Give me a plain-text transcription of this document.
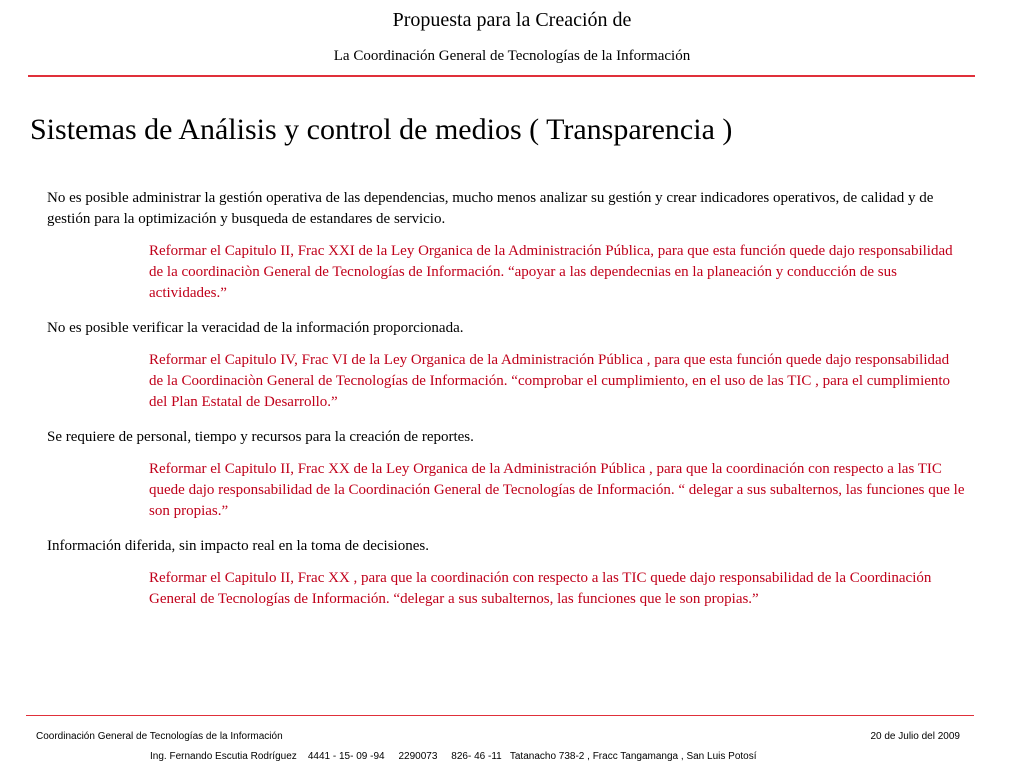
Propuesta para la Creación de
La Coordinación General de Tecnologías de la Información
Sistemas de Análisis y control de medios ( Transparencia )

No es posible administrar la gestión operativa de las dependencias, mucho menos analizar su gestión y crear indicadores operativos, de calidad y de gestión para la optimización y busqueda de estandares de servicio.

Reformar el Capitulo II, Frac XXI de la Ley Organica de la Administración Pública, para que esta función quede dajo responsabilidad de la coordinaciòn General de Tecnologías de Información. “apoyar a las dependecnias en la planeación y conducción de sus actividades.”

No es posible verificar la veracidad de la información proporcionada.

Reformar el Capitulo IV, Frac VI de la Ley Organica de la Administración Pública , para que esta función quede dajo responsabilidad de la Coordinaciòn General de Tecnologías de Información. “comprobar el cumplimiento, en el uso de las TIC , para el cumplimiento del Plan Estatal de Desarrollo.”

Se requiere de personal, tiempo y recursos para la creación de reportes.

Reformar el Capitulo II, Frac XX de la Ley Organica de la Administración Pública , para que la coordinación con respecto a las TIC quede dajo responsabilidad de la Coordinación General de Tecnologías de Información. “ delegar a sus subalternos, las funciones que le son propias.”

Información diferida, sin impacto real en la toma de decisiones.

Reformar el Capitulo II, Frac XX , para que la coordinación con respecto a las TIC quede dajo responsabilidad de la Coordinación General de Tecnologías de Información. “delegar a sus subalternos, las funciones que le son propias.”

Coordinación General de Tecnologías de la Información	20 de Julio del 2009
Ing. Fernando Escutia Rodríguez    4441 - 15- 09 -94     2290073     826- 46 -11   Tatanacho 738-2 , Fracc Tangamanga , San Luis Potosí
